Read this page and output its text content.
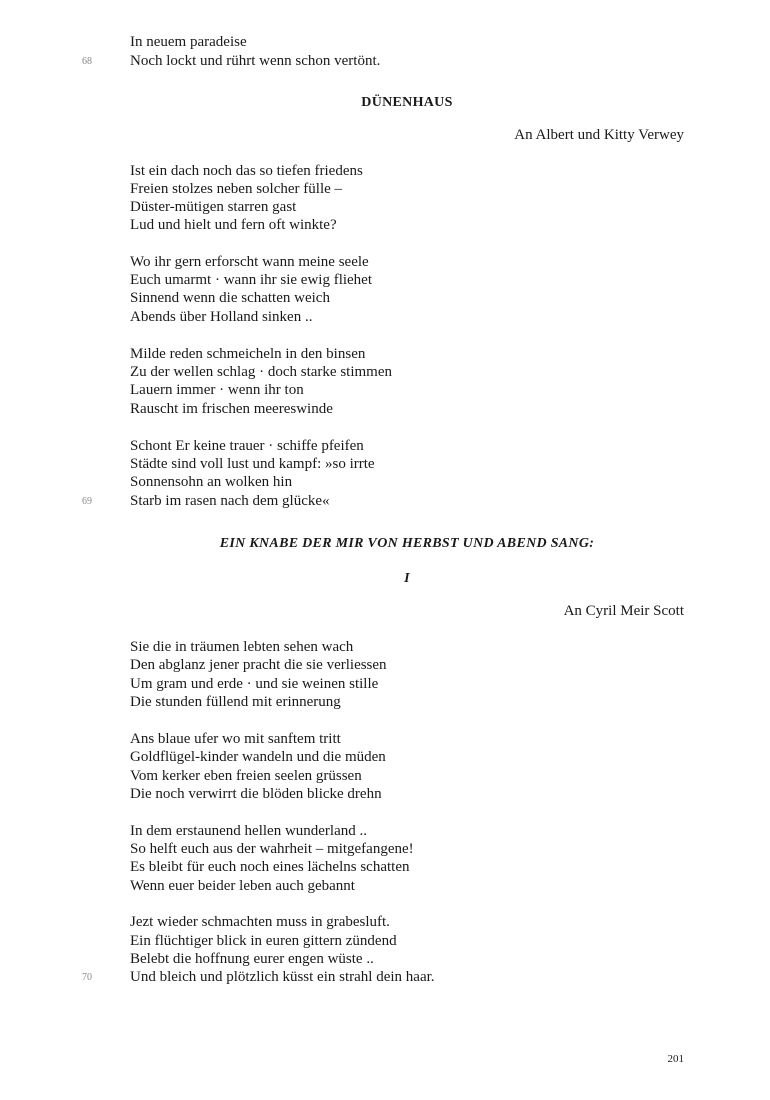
In neuem paradeise
Noch lockt und rührt wenn schon vertönt.
68
DÜNENHAUS
An Albert und Kitty Verwey
Ist ein dach noch das so tiefen friedens
Freien stolzes neben solcher fülle –
Düster-mütigen starren gast
Lud und hielt und fern oft winkte?
Wo ihr gern erforscht wann meine seele
Euch umarmt · wann ihr sie ewig fliehet
Sinnend wenn die schatten weich
Abends über Holland sinken ..
Milde reden schmeicheln in den binsen
Zu der wellen schlag · doch starke stimmen
Lauern immer · wenn ihr ton
Rauscht im frischen meereswinde
Schont Er keine trauer · schiffe pfeifen
Städte sind voll lust und kampf: »so irrte
Sonnensohn an wolken hin
Starb im rasen nach dem glücke«
69
EIN KNABE DER MIR VON HERBST UND ABEND SANG:
I
An Cyril Meir Scott
Sie die in träumen lebten sehen wach
Den abglanz jener pracht die sie verliessen
Um gram und erde · und sie weinen stille
Die stunden füllend mit erinnerung
Ans blaue ufer wo mit sanftem tritt
Goldflügel-kinder wandeln und die müden
Vom kerker eben freien seelen grüssen
Die noch verwirrt die blöden blicke drehn
In dem erstaunend hellen wunderland ..
So helft euch aus der wahrheit – mitgefangene!
Es bleibt für euch noch eines lächelns schatten
Wenn euer beider leben auch gebannt
Jezt wieder schmachten muss in grabesluft.
Ein flüchtiger blick in euren gittern zündend
Belebt die hoffnung eurer engen wüste ..
Und bleich und plötzlich küsst ein strahl dein haar.
70
201
